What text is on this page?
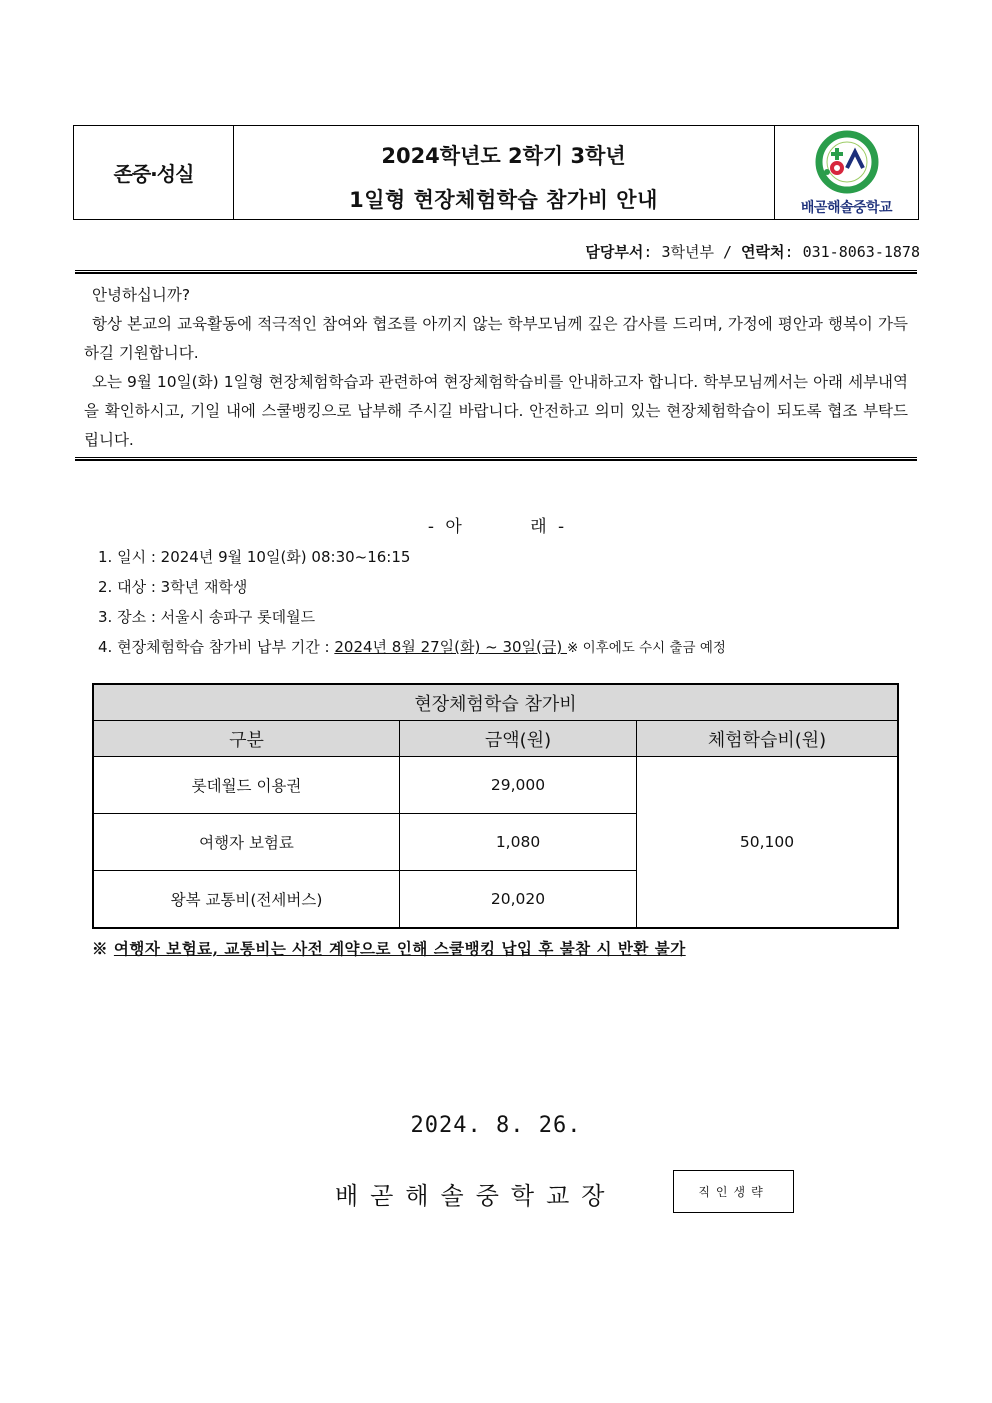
존중·성실
2024학년도 2학기 3학년
1일형 현장체험학습 참가비 안내	배곧해솔중학교
담당부서: 3학년부 / 연락처: 031-8063-1878
안녕하십니까?
항상 본교의 교육활동에 적극적인 참여와 협조를 아끼지 않는 학부모님께 깊은 감사를 드리며, 가정에 평안과 행복이 가득하길 기원합니다.
오는 9월 10일(화) 1일형 현장체험학습과 관련하여 현장체험학습비를 안내하고자 합니다. 학부모님께서는 아래 세부내역을 확인하시고, 기일 내에 스쿨뱅킹으로 납부해 주시길 바랍니다. 안전하고 의미 있는 현장체험학습이 되도록 협조 부탁드립니다.
- 아      래 -
1. 일시 : 2024년 9월 10일(화) 08:30~16:15
2. 대상 : 3학년 재학생
3. 장소 : 서울시 송파구 롯데월드
4. 현장체험학습 참가비 납부 기간 : 2024년 8월 27일(화) ~ 30일(금) ※ 이후에도 수시 출금 예정
현장체험학습 참가비		
구분	금액(원)	체험학습비(원)
롯데월드 이용권	29,000	50,100
여행자 보험료	1,080	
왕복 교통비(전세버스)	20,020	
※ 여행자 보험료, 교통비는 사전 계약으로 인해 스쿨뱅킹 납입 후 불참 시 반환 불가
2024. 8. 26.
배곧해솔중학교장	직인생략
